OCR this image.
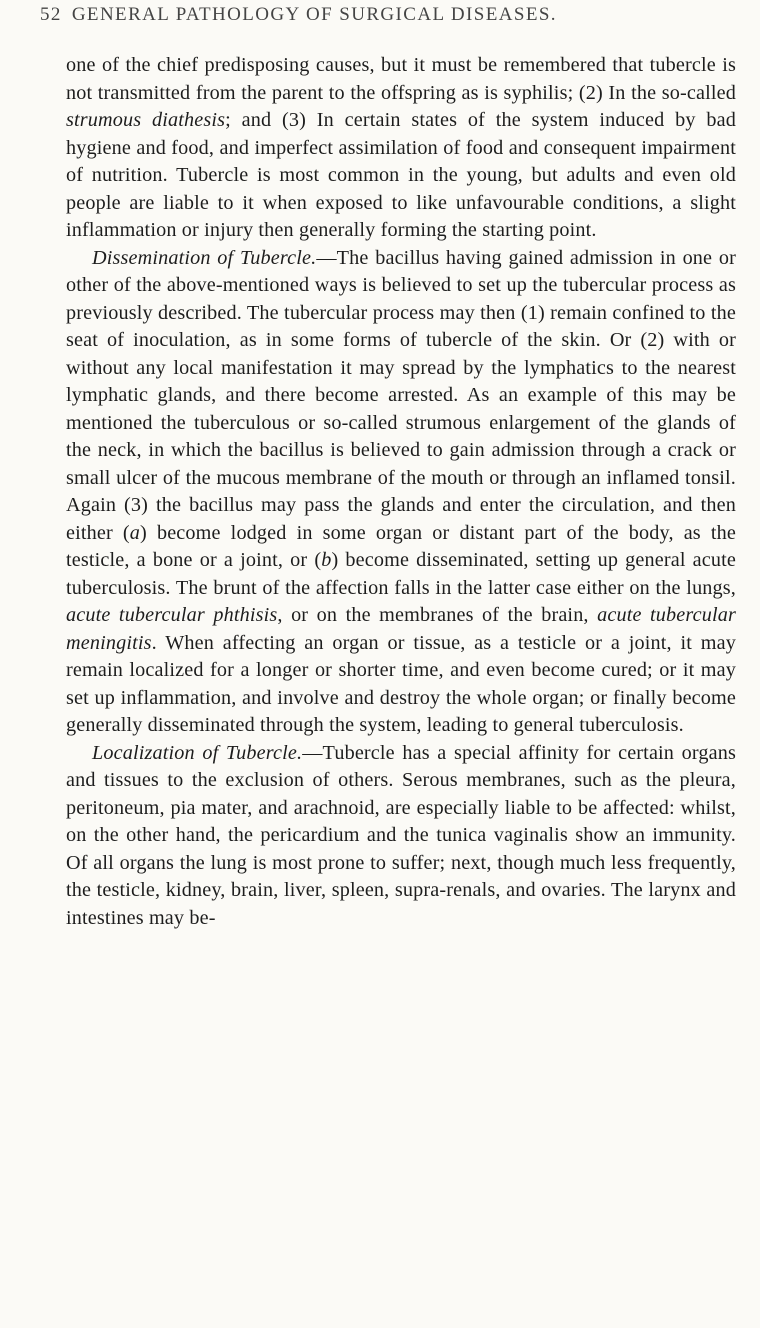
52 GENERAL PATHOLOGY OF SURGICAL DISEASES.

one of the chief predisposing causes, but it must be remembered that tubercle is not transmitted from the parent to the offspring as is syphilis; (2) In the so-called strumous diathesis; and (3) In certain states of the system induced by bad hygiene and food, and imperfect assimilation of food and consequent impairment of nutrition. Tubercle is most common in the young, but adults and even old people are liable to it when exposed to like unfavourable conditions, a slight inflammation or injury then generally forming the starting point.

Dissemination of Tubercle.—The bacillus having gained admission in one or other of the above-mentioned ways is believed to set up the tubercular process as previously described. The tubercular process may then (1) remain confined to the seat of inoculation, as in some forms of tubercle of the skin. Or (2) with or without any local manifestation it may spread by the lymphatics to the nearest lymphatic glands, and there become arrested. As an example of this may be mentioned the tuberculous or so-called strumous enlargement of the glands of the neck, in which the bacillus is believed to gain admission through a crack or small ulcer of the mucous membrane of the mouth or through an inflamed tonsil. Again (3) the bacillus may pass the glands and enter the circulation, and then either (a) become lodged in some organ or distant part of the body, as the testicle, a bone or a joint, or (b) become disseminated, setting up general acute tuberculosis. The brunt of the affection falls in the latter case either on the lungs, acute tubercular phthisis, or on the membranes of the brain, acute tubercular meningitis. When affecting an organ or tissue, as a testicle or a joint, it may remain localized for a longer or shorter time, and even become cured; or it may set up inflammation, and involve and destroy the whole organ; or finally become generally disseminated through the system, leading to general tuberculosis.

Localization of Tubercle.—Tubercle has a special affinity for certain organs and tissues to the exclusion of others. Serous membranes, such as the pleura, peritoneum, pia mater, and arachnoid, are especially liable to be affected: whilst, on the other hand, the pericardium and the tunica vaginalis show an immunity. Of all organs the lung is most prone to suffer; next, though much less frequently, the testicle, kidney, brain, liver, spleen, supra-renals, and ovaries. The larynx and intestines may be-
